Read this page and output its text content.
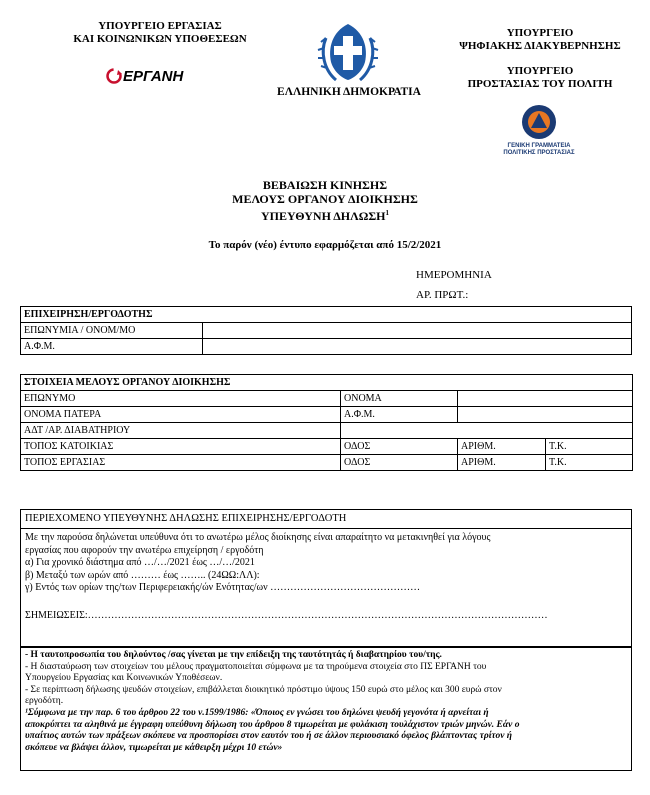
ΥΠΟΥΡΓΕΙΟ ΕΡΓΑΣΙΑΣ
ΚΑΙ ΚΟΙΝΩΝΙΚΩΝ ΥΠΟΘΕΣΕΩΝ
ΕΡΓΑΝΗ
ΕΛΛΗΝΙΚΗ ΔΗΜΟΚΡΑΤΙΑ
ΥΠΟΥΡΓΕΙΟ
ΨΗΦΙΑΚΗΣ ΔΙΑΚΥΒΕΡΝΗΣΗΣ
ΥΠΟΥΡΓΕΙΟ
ΠΡΟΣΤΑΣΙΑΣ ΤΟΥ ΠΟΛΙΤΗ
ΓΕΝΙΚΗ ΓΡΑΜΜΑΤΕΙΑ
ΠΟΛΙΤΙΚΗΣ ΠΡΟΣΤΑΣΙΑΣ
ΒΕΒΑΙΩΣΗ ΚΙΝΗΣΗΣ
ΜΕΛΟΥΣ ΟΡΓΑΝΟΥ ΔΙΟΙΚΗΣΗΣ
ΥΠΕΥΘΥΝΗ ΔΗΛΩΣΗ$^1$
Το παρόν (νέο) έντυπο εφαρμόζεται από 15/2/2021
ΗΜΕΡΟΜΗΝΙΑ
ΑΡ. ΠΡΩΤ.:
ΕΠΙΧΕΙΡΗΣΗ/ΕΡΓΟΔΟΤΗΣ
ΕΠΩΝΥΜΙΑ / ΟΝΟΜ/ΜΟ	
Α.Φ.Μ.	
ΣΤΟΙΧΕΙΑ ΜΕΛΟΥΣ ΟΡΓΑΝΟΥ ΔΙΟΙΚΗΣΗΣ
ΕΠΩΝΥΜΟ	ΟΝΟΜΑ	
ΟΝΟΜΑ ΠΑΤΕΡΑ	Α.Φ.Μ.	
ΑΔΤ /ΑΡ. ΔΙΑΒΑΤΗΡΙΟΥ	
ΤΟΠΟΣ ΚΑΤΟΙΚΙΑΣ	ΟΔΟΣ	ΑΡΙΘΜ.	Τ.Κ.
ΤΟΠΟΣ ΕΡΓΑΣΙΑΣ	ΟΔΟΣ	ΑΡΙΘΜ.	Τ.Κ.
ΠΕΡΙΕΧΟΜΕΝΟ ΥΠΕΥΘΥΝΗΣ ΔΗΛΩΣΗΣ ΕΠΙΧΕΙΡΗΣΗΣ/ΕΡΓΟΔΟΤΗ
Με την παρούσα δηλώνεται υπεύθυνα ότι το ανωτέρω μέλος διοίκησης είναι απαραίτητο να μετακινηθεί για λόγους
εργασίας που αφορούν την ανωτέρω επιχείρηση / εργοδότη
α) Για χρονικό διάστημα από …/…/2021 έως …/…/2021
β) Μεταξύ των ωρών από ……… έως …….. (24ΩΩ:ΛΛ):
γ) Εντός των ορίων της/των Περιφερειακής/ών Ενότητας/ων ………………………………………
ΣΗΜΕΙΩΣΕΙΣ:…………………………………………………………………………………………………………………………
- Η ταυτοπροσωπία του δηλούντος /σας γίνεται με την επίδειξη της ταυτότητάς ή διαβατηρίου του/της.
- Η διασταύρωση των στοιχείων του μέλους πραγματοποιείται σύμφωνα με τα τηρούμενα στοιχεία στο ΠΣ ΕΡΓΑΝΗ του
Υπουργείου Εργασίας και Κοινωνικών Υποθέσεων.
- Σε περίπτωση δήλωσης ψευδών στοιχείων, επιβάλλεται διοικητικό πρόστιμο ύψους 150 ευρώ στο μέλος και 300 ευρώ στον
εργοδότη.
¹Σύμφωνα με την παρ. 6 του άρθρου 22 του ν.1599/1986: «Όποιος εν γνώσει του δηλώνει ψευδή γεγονότα ή αρνείται ή
αποκρύπτει τα αληθινά με έγγραφη υπεύθυνη δήλωση του άρθρου 8 τιμωρείται με φυλάκιση τουλάχιστον τριών μηνών. Εάν ο
υπαίτιος αυτών των πράξεων σκόπευε να προσπορίσει στον εαυτόν του ή σε άλλον περιουσιακό όφελος βλάπτοντας τρίτον ή
σκόπευε να βλάψει άλλον, τιμωρείται με κάθειρξη μέχρι 10 ετών»
